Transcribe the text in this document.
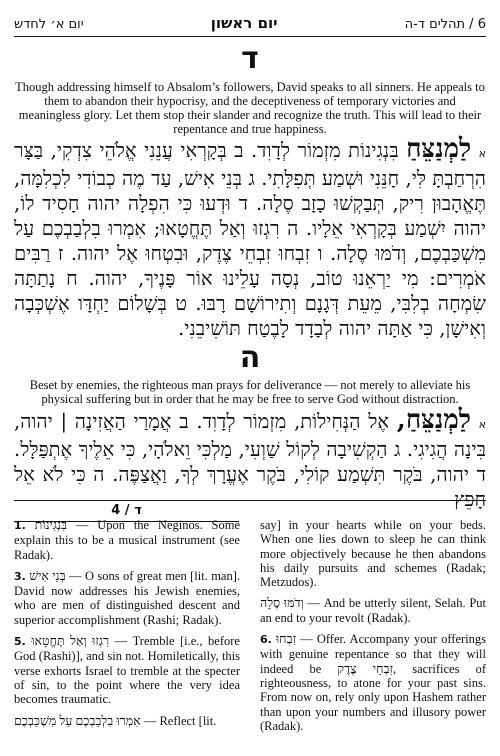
יום א׳ לחדש	יום ראשון	6 / תהלים ד-ה
ד

Though addressing himself to Absalom’s followers, David speaks to all sinners. He appeals to them to abandon their hypocrisy, and the deceptiveness of temporary victories and meaningless glory. Let them stop their slander and recognize the truth. This will lead to their repentance and true happiness.

א לַמְנַצֵּחַ בִּנְגִינוֹת מִזְמוֹר לְדָוִד. ב בְּקָרְאִי עֲנֵנִי אֱלֹהֵי צִדְקִי, בַּצָּר הִרְחַבְתָּ לִּי, חָנֵּנִי וּשְׁמַע תְּפִלָּתִי. ג בְּנֵי אִישׁ, עַד מֶה כְבוֹדִי לִכְלִמָּה, תֶּאֱהָבוּן רִיק, תְּבַקְשׁוּ כָזָב סֶלָה. ד וּדְעוּ כִּי הִפְלָה יהוה חָסִיד לוֹ, יהוה יִשְׁמַע בְּקָרְאִי אֵלָיו. ה רִגְזוּ וְאַל תֶּחֱטָאוּ; אִמְרוּ בִלְבַבְכֶם עַל מִשְׁכַּבְכֶם, וְדֹמּוּ סֶלָה. ו זִבְחוּ זִבְחֵי צֶדֶק, וּבִטְחוּ אֶל יהוה. ז רַבִּים אֹמְרִים: מִי יַרְאֵנוּ טוֹב, נְסָה עָלֵינוּ אוֹר פָּנֶיךָ, יהוה. ח נָתַתָּה שִׂמְחָה בְלִבִּי, מֵעֵת דְּגָנָם וְתִירוֹשָׁם רָבּוּ. ט בְּשָׁלוֹם יַחְדָּו אֶשְׁכְּבָה וְאִישָׁן, כִּי אַתָּה יהוה לְבָדָד לָבֶטַח תּוֹשִׁיבֵנִי.

ה

Beset by enemies, the righteous man prays for deliverance — not merely to alleviate his physical suffering but in order that he may be free to serve God without distraction.

א לַמְנַצֵּחַ, אֶל הַנְּחִילוֹת, מִזְמוֹר לְדָוִד. ב אֲמָרַי הַאֲזִינָה | יהוה, בִּינָה הֲגִיגִי. ג הַקְשִׁיבָה לְקוֹל שַׁוְעִי, מַלְכִּי וֵאלֹהָי, כִּי אֵלֶיךָ אֶתְפַּלָּל. ד יהוה, בֹּקֶר תִּשְׁמַע קוֹלִי, בֹּקֶר אֶעֱרָךְ לְךָ, וַאֲצַפֶּה. ה כִּי לֹא אֵל חָפֵץ

4 / ד

1. בִּנְגִינוֹת — Upon the Neginos. Some explain this to be a musical instrument (see Radak).

3. בְּנֵי אִישׁ — O sons of great men [lit. man]. David now addresses his Jewish enemies, who are men of distinguished descent and superior accomplishment (Rashi; Radak).

5. רִגְזוּ וְאַל תֶּחֱטָאוּ — Tremble [i.e., before God (Rashi)], and sin not. Homiletically, this verse exhorts Israel to tremble at the specter of sin, to the point where the very idea becomes traumatic.

אִמְרוּ בִלְבַבְכֶם עַל מִשְׁכַּבְכֶם — Reflect [lit.

say] in your hearts while on your beds. When one lies down to sleep he can think more objectively because he then abandons his daily pursuits and schemes (Radak; Metzudos).

וְדֹמּוּ סֶלָה — And be utterly silent, Selah. Put an end to your revolt (Radak).

6. זִבְחוּ — Offer. Accompany your offerings with genuine repentance so that they will indeed be זִבְחֵי צֶדֶק, sacrifices of righteousness, to atone for your past sins. From now on, rely only upon Hashem rather than upon your numbers and illusory power (Radak).
